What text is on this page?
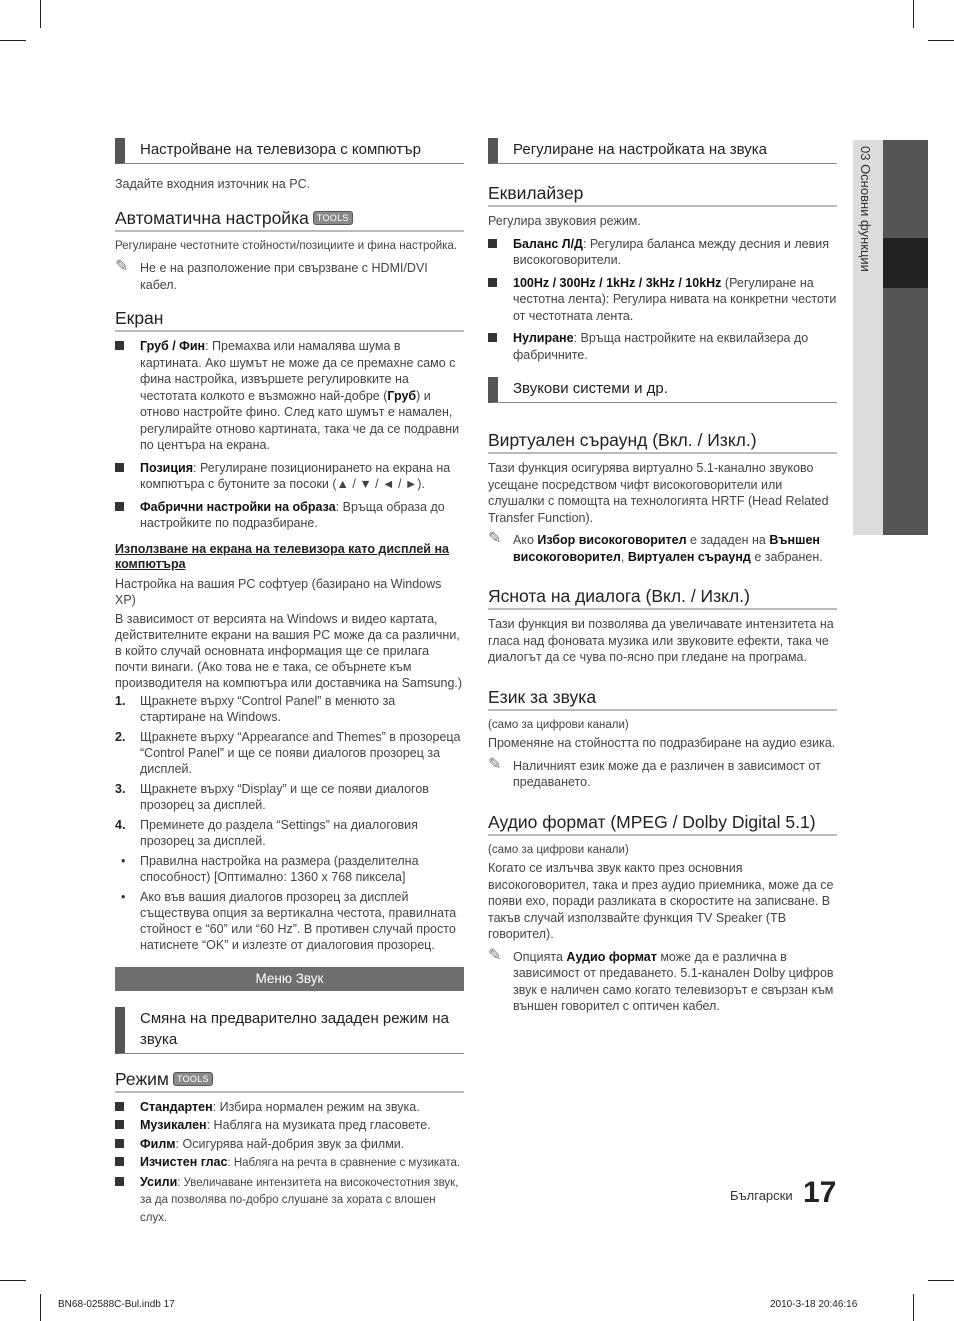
03 Основни функции
Настройване на телевизора с компютър
Задайте входния източник на PC.
Автоматична настройка TOOLS
Регулиране честотните стойности/позициите и фина настройка.
✎ Не е на разположение при свързване с HDMI/DVI кабел.
Екран
Груб / Фин: Премахва или намалява шума в картината. Ако шумът не може да се премахне само с фина настройка, извършете регулировките на честотата колкото е възможно най-добре (Груб) и отново настройте фино. След като шумът е намален, регулирайте отново картината, така че да се подравни по центъра на екрана.
Позиция: Регулиране позиционирането на екрана на компютъра с бутоните за посоки (▲ / ▼ / ◄ / ►).
Фабрични настройки на образа: Връща образа до настройките по подразбиране.
Използване на екрана на телевизора като дисплей на компютъра
Настройка на вашия PC софтуер (базирано на Windows XP)
В зависимост от версията на Windows и видео картата, действителните екрани на вашия PC може да са различни, в който случай основната информация ще се прилага почти винаги. (Ако това не е така, се обърнете към производителя на компютъра или доставчика на Samsung.)
1. Щракнете върху “Control Panel” в менюто за стартиране на Windows.
2. Щракнете върху “Appearance and Themes” в прозореца “Control Panel” и ще се появи диалогов прозорец за дисплей.
3. Щракнете върху “Display” и ще се появи диалогов прозорец за дисплей.
4. Преминете до раздела “Settings” на диалоговия прозорец за дисплей.
• Правилна настройка на размера (разделителна способност) [Оптимално: 1360 x 768 пиксела]
• Ако във вашия диалогов прозорец за дисплей съществува опция за вертикална честота, правилната стойност е “60” или “60 Hz”. В противен случай просто натиснете “OK” и излезте от диалоговия прозорец.
Меню Звук
Смяна на предварително зададен режим на звука
Режим TOOLS
Стандартен: Избира нормален режим на звука.
Музикален: Наблягa на музиката пред гласовете.
Филм: Осигурява най-добрия звук за филми.
Изчистен глас: Наблягa на речта в сравнение с музиката.
Усили: Увеличаване интензитета на високочестотния звук, за да позволява по-добро слушане за хората с влошен слух.
Регулиране на настройката на звука
Еквилайзер
Регулира звуковия режим.
Баланс Л/Д: Регулира баланса между десния и левия високоговорители.
100Hz / 300Hz / 1kHz / 3kHz / 10kHz (Регулиране на честотна лента): Регулира нивата на конкретни честоти от честотната лента.
Нулиране: Връща настройките на еквилайзера до фабричните.
Звукови системи и др.
Виртуален съраунд (Вкл. / Изкл.)
Тази функция осигурява виртуално 5.1-канално звуково усещане посредством чифт високоговорители или слушалки с помощта на технологията HRTF (Head Related Transfer Function).
✎ Ако Избор високоговорител е зададен на Външен високоговорител, Виртуален съраунд е забранен.
Яснота на диалога (Вкл. / Изкл.)
Тази функция ви позволява да увеличавате интензитета на гласа над фоновата музика или звуковите ефекти, така че диалогът да се чува по-ясно при гледане на програма.
Език за звука
(само за цифрови канали)
Променяне на стойността по подразбиране на аудио езика.
✎ Наличният език може да е различен в зависимост от предаването.
Аудио формат (MPEG / Dolby Digital 5.1)
(само за цифрови канали)
Когато се излъчва звук както през основния високоговорител, така и през аудио приемника, може да се появи ехо, поради разликата в скоростите на записване. В такъв случай използвайте функция TV Speaker (ТВ говорител).
✎ Опцията Аудио формат може да е различна в зависимост от предаването. 5.1-канален Dolby цифров звук е наличен само когато телевизорът е свързан към външен говорител с оптичен кабел.
Български 17
BN68-02588C-Bul.indb 17	2010-3-18 20:46:16
